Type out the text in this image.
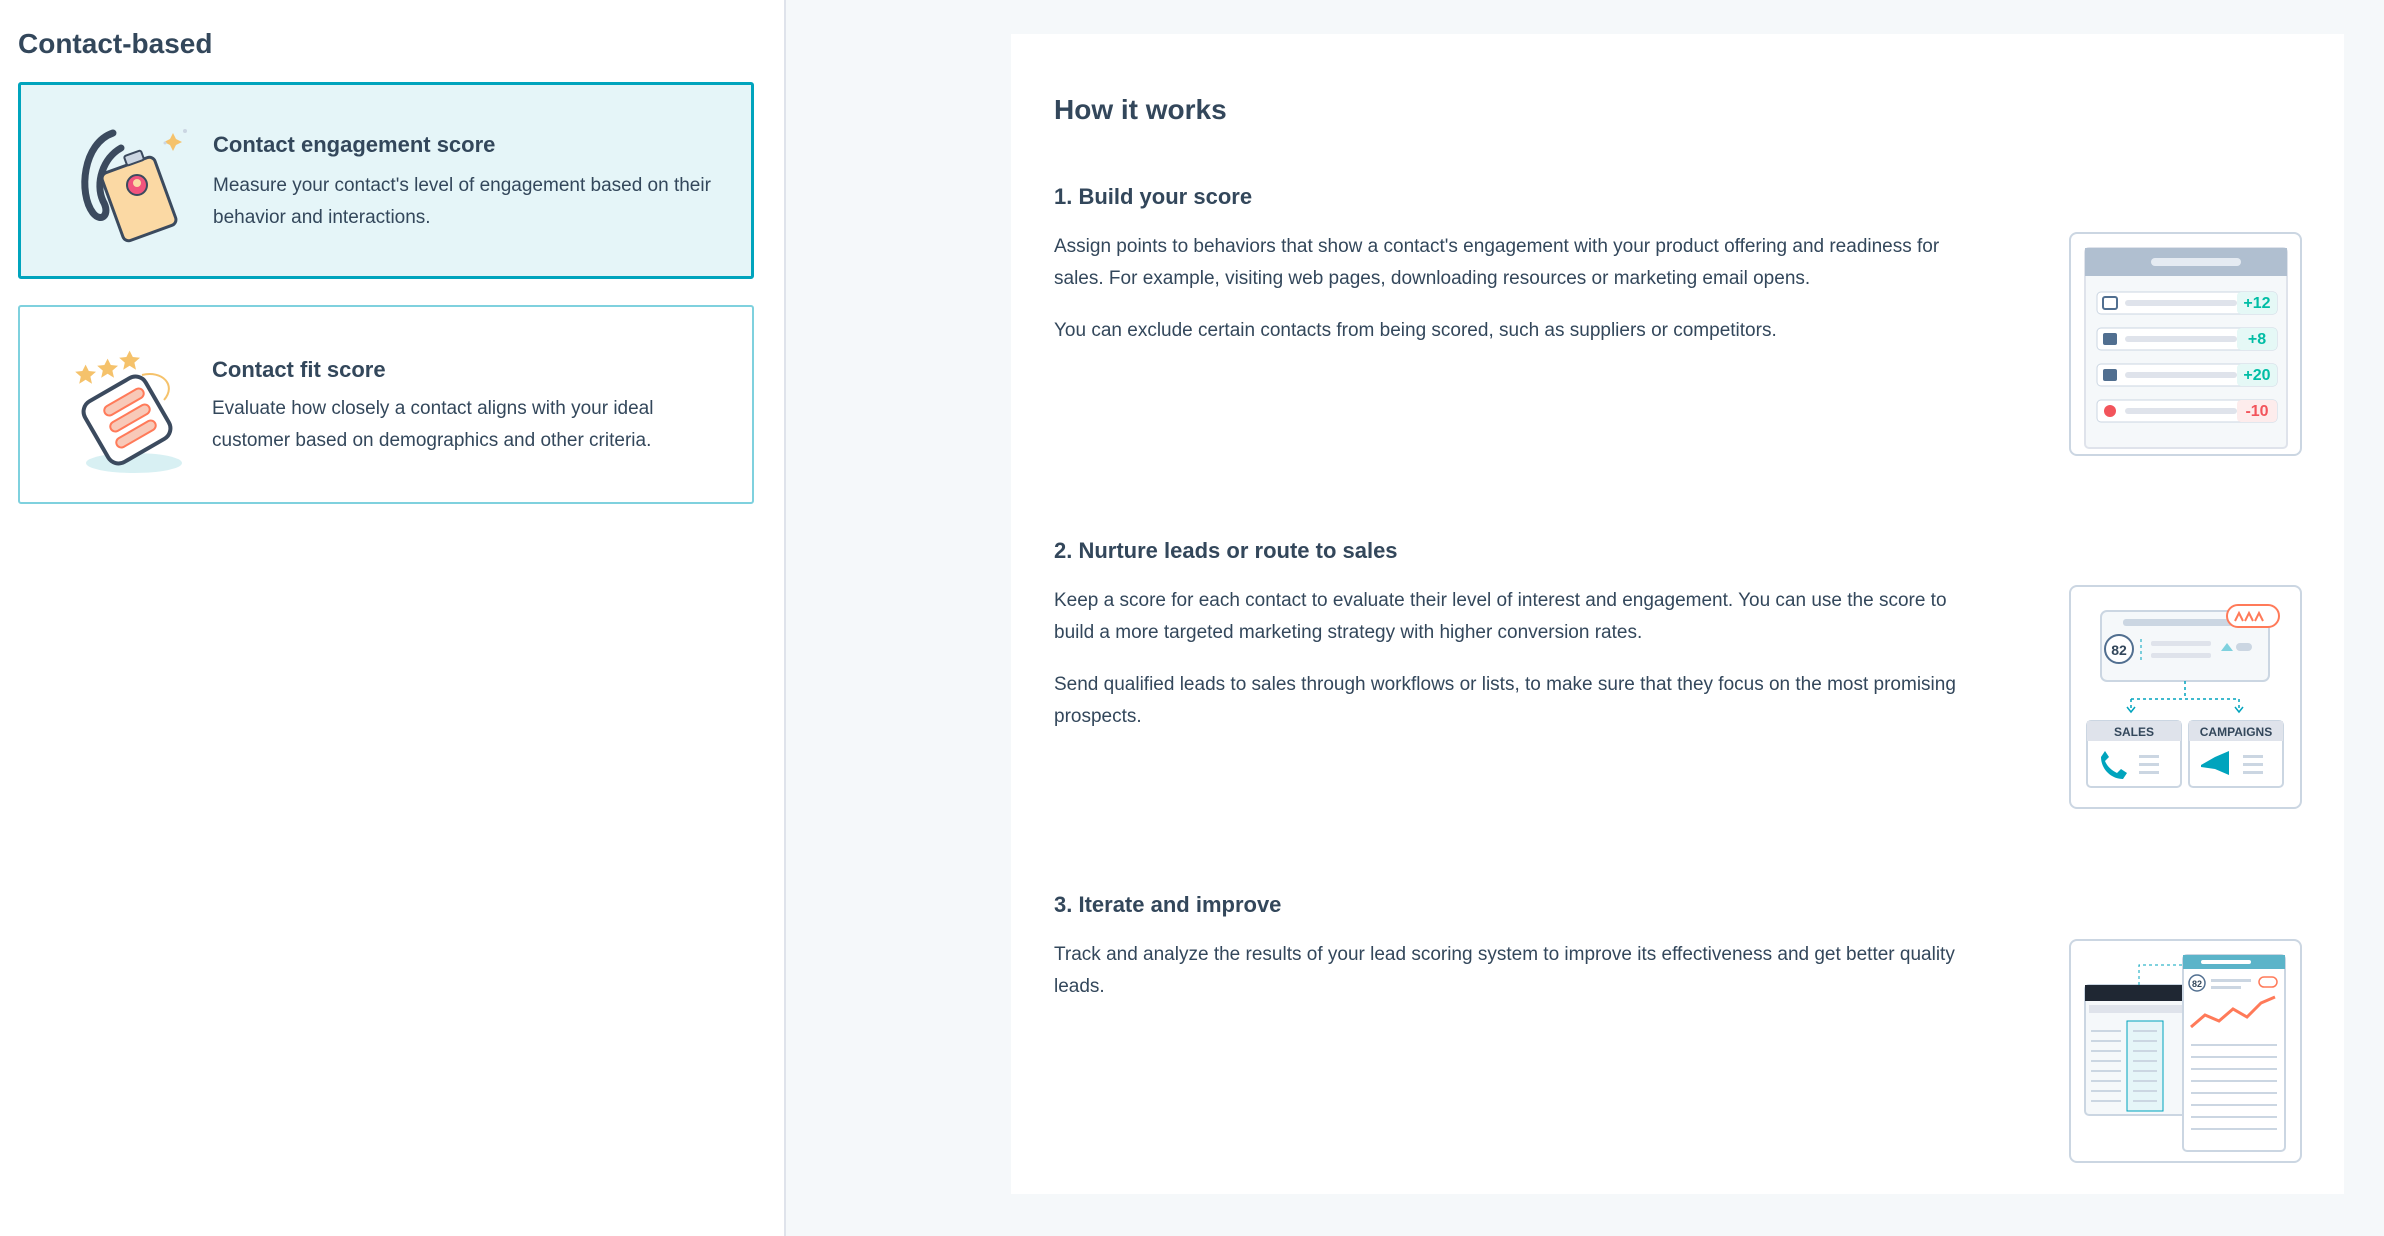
Contact-based
Contact engagement score
Measure your contact's level of engagement based on their behavior and interactions.
Contact fit score
Evaluate how closely a contact aligns with your ideal customer based on demographics and other criteria.
How it works
1. Build your score

Assign points to behaviors that show a contact's engagement with your product offering and readiness for sales. For example, visiting web pages, downloading resources or marketing email opens.

You can exclude certain contacts from being scored, such as suppliers or competitors.

+12
+8
+20
-10
2. Nurture leads or route to sales

Keep a score for each contact to evaluate their level of interest and engagement. You can use the score to build a more targeted marketing strategy with higher conversion rates.

Send qualified leads to sales through workflows or lists, to make sure that they focus on the most promising prospects.

82
SALES	CAMPAIGNS
3. Iterate and improve

Track and analyze the results of your lead scoring system to improve its effectiveness and get better quality leads.	82
